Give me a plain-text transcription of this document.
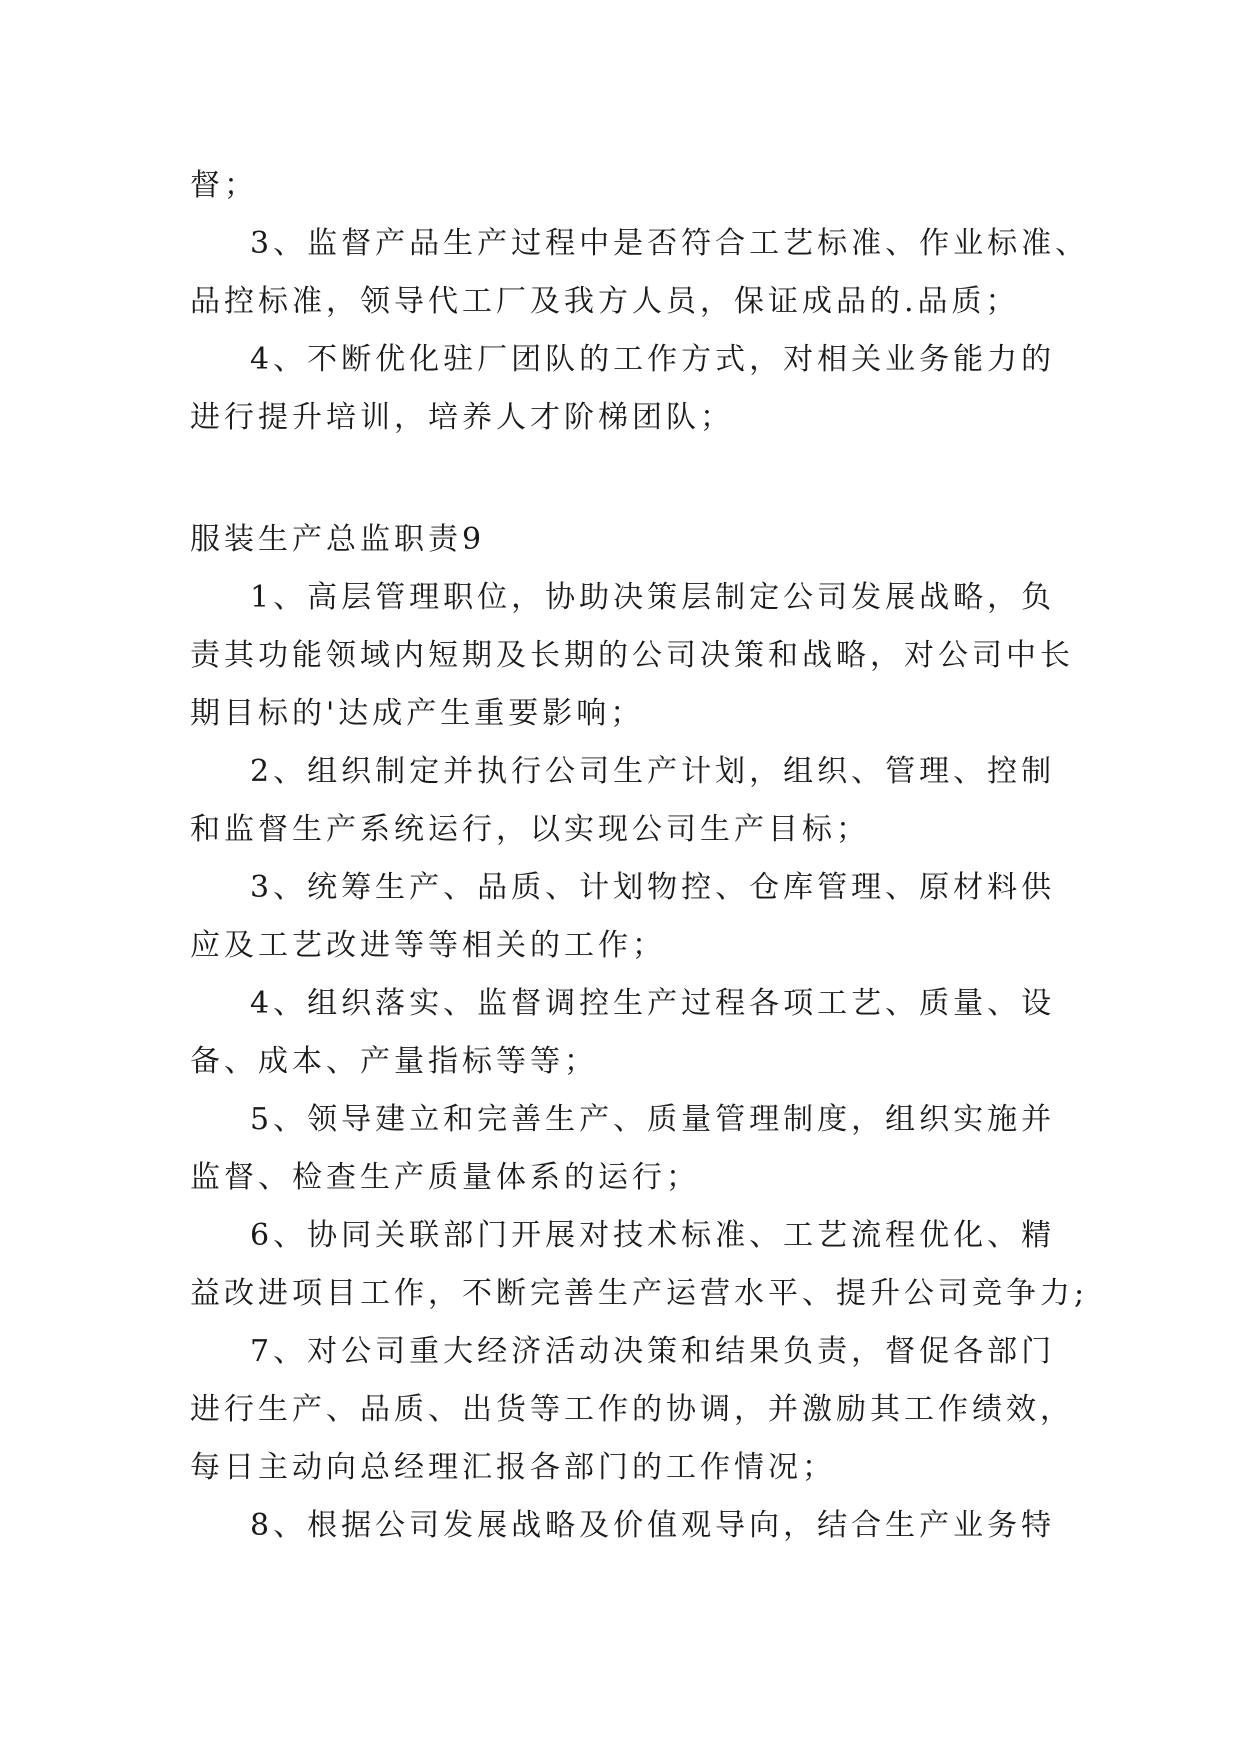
督；
3、监督产品生产过程中是否符合工艺标准、作业标准、
品控标准，领导代工厂及我方人员，保证成品的.品质；
4、不断优化驻厂团队的工作方式，对相关业务能力的
进行提升培训，培养人才阶梯团队；
服装生产总监职责9
1、高层管理职位，协助决策层制定公司发展战略，负
责其功能领域内短期及长期的公司决策和战略，对公司中长
期目标的'达成产生重要影响；
2、组织制定并执行公司生产计划，组织、管理、控制
和监督生产系统运行，以实现公司生产目标；
3、统筹生产、品质、计划物控、仓库管理、原材料供
应及工艺改进等等相关的工作；
4、组织落实、监督调控生产过程各项工艺、质量、设
备、成本、产量指标等等；
5、领导建立和完善生产、质量管理制度，组织实施并
监督、检查生产质量体系的运行；
6、协同关联部门开展对技术标准、工艺流程优化、精
益改进项目工作，不断完善生产运营水平、提升公司竞争力;
7、对公司重大经济活动决策和结果负责，督促各部门
进行生产、品质、出货等工作的协调，并激励其工作绩效，
每日主动向总经理汇报各部门的工作情况；
8、根据公司发展战略及价值观导向，结合生产业务特
